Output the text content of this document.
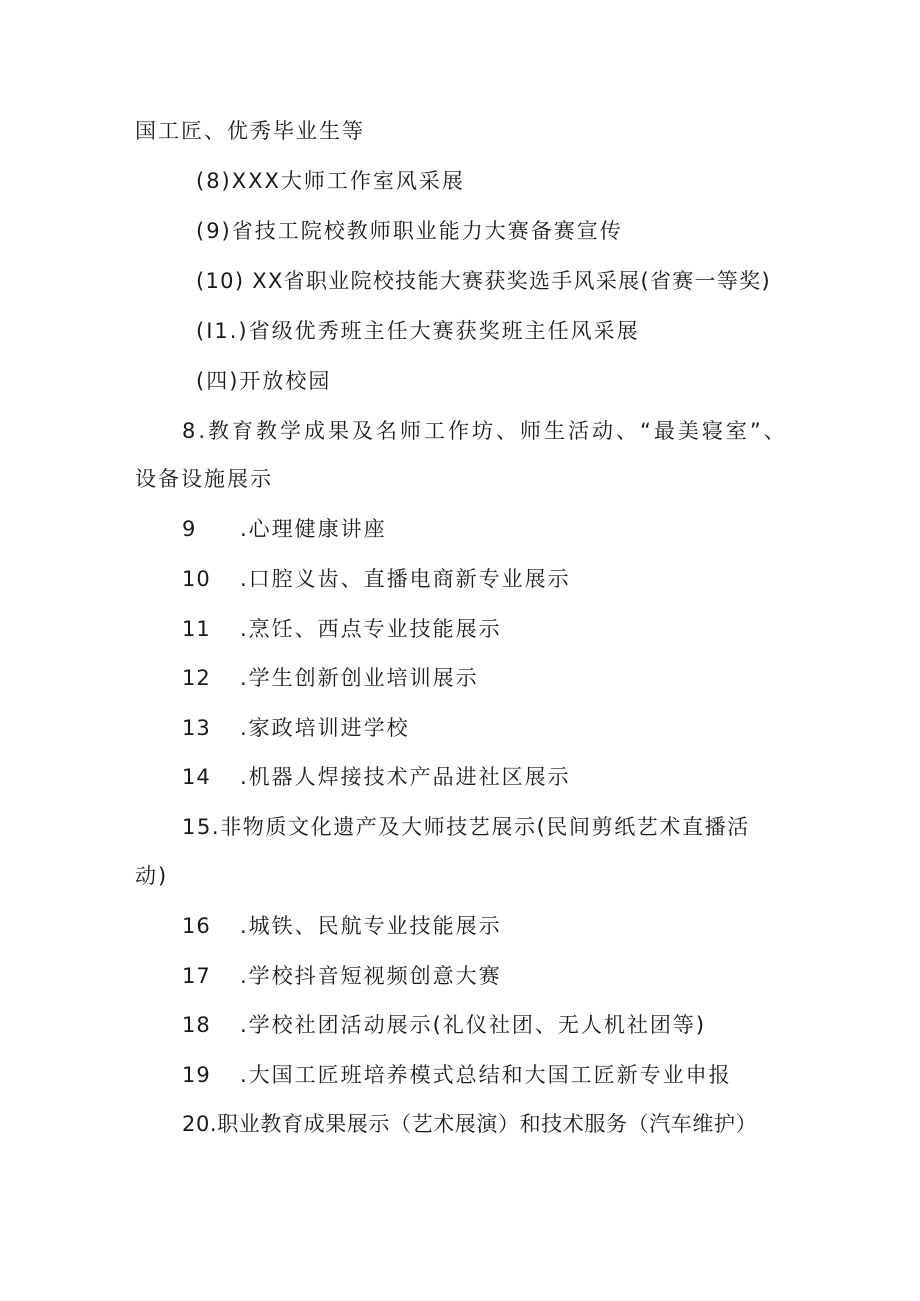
国工匠、优秀毕业生等
(8)XXX大师工作室风采展
(9)省技工院校教师职业能力大赛备赛宣传
(10) XX省职业院校技能大赛获奖选手风采展(省赛一等奖)
(I1.)省级优秀班主任大赛获奖班主任风采展
(四)开放校园
8.教育教学成果及名师工作坊、师生活动、“最美寝室”、
设备设施展示
9 .心理健康讲座
10 .口腔义齿、直播电商新专业展示
11 .烹饪、西点专业技能展示
12 .学生创新创业培训展示
13 .家政培训进学校
14 .机器人焊接技术产品进社区展示
15.非物质文化遗产及大师技艺展示(民间剪纸艺术直播活
动)
16 .城铁、民航专业技能展示
17 .学校抖音短视频创意大赛
18 .学校社团活动展示(礼仪社团、无人机社团等)
19 .大国工匠班培养模式总结和大国工匠新专业申报
20.职业教育成果展示（艺术展演）和技术服务（汽车维护）
